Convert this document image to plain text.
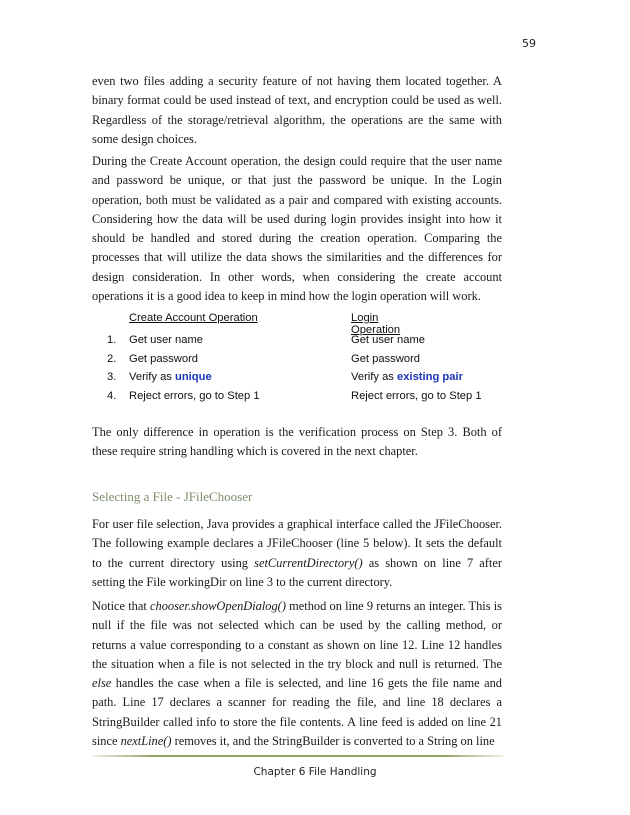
59

even two files adding a security feature of not having them located together. A binary format could be used instead of text, and encryption could be used as well. Regardless of the storage/retrieval algorithm, the operations are the same with some design choices.

During the Create Account operation, the design could require that the user name and password be unique, or that just the password be unique. In the Login operation, both must be validated as a pair and compared with existing accounts. Considering how the data will be used during login provides insight into how it should be handled and stored during the creation operation. Comparing the processes that will utilize the data shows the similarities and the differences for design consideration. In other words, when considering the create account operations it is a good idea to keep in mind how the login operation will work.

Create Account Operation	Login Operation
1. Get user name	Get user name
2. Get password	Get password
3. Verify as unique	Verify as existing pair
4. Reject errors, go to Step 1	Reject errors, go to Step 1

The only difference in operation is the verification process on Step 3. Both of these require string handling which is covered in the next chapter.

Selecting a File - JFileChooser

For user file selection, Java provides a graphical interface called the JFileChooser. The following example declares a JFileChooser (line 5 below). It sets the default to the current directory using setCurrentDirectory() as shown on line 7 after setting the File workingDir on line 3 to the current directory.

Notice that chooser.showOpenDialog() method on line 9 returns an integer. This is null if the file was not selected which can be used by the calling method, or returns a value corresponding to a constant as shown on line 12. Line 12 handles the situation when a file is not selected in the try block and null is returned. The else handles the case when a file is selected, and line 16 gets the file name and path. Line 17 declares a scanner for reading the file, and line 18 declares a StringBuilder called info to store the file contents. A line feed is added on line 21 since nextLine() removes it, and the StringBuilder is converted to a String on line

Chapter 6 File Handling
